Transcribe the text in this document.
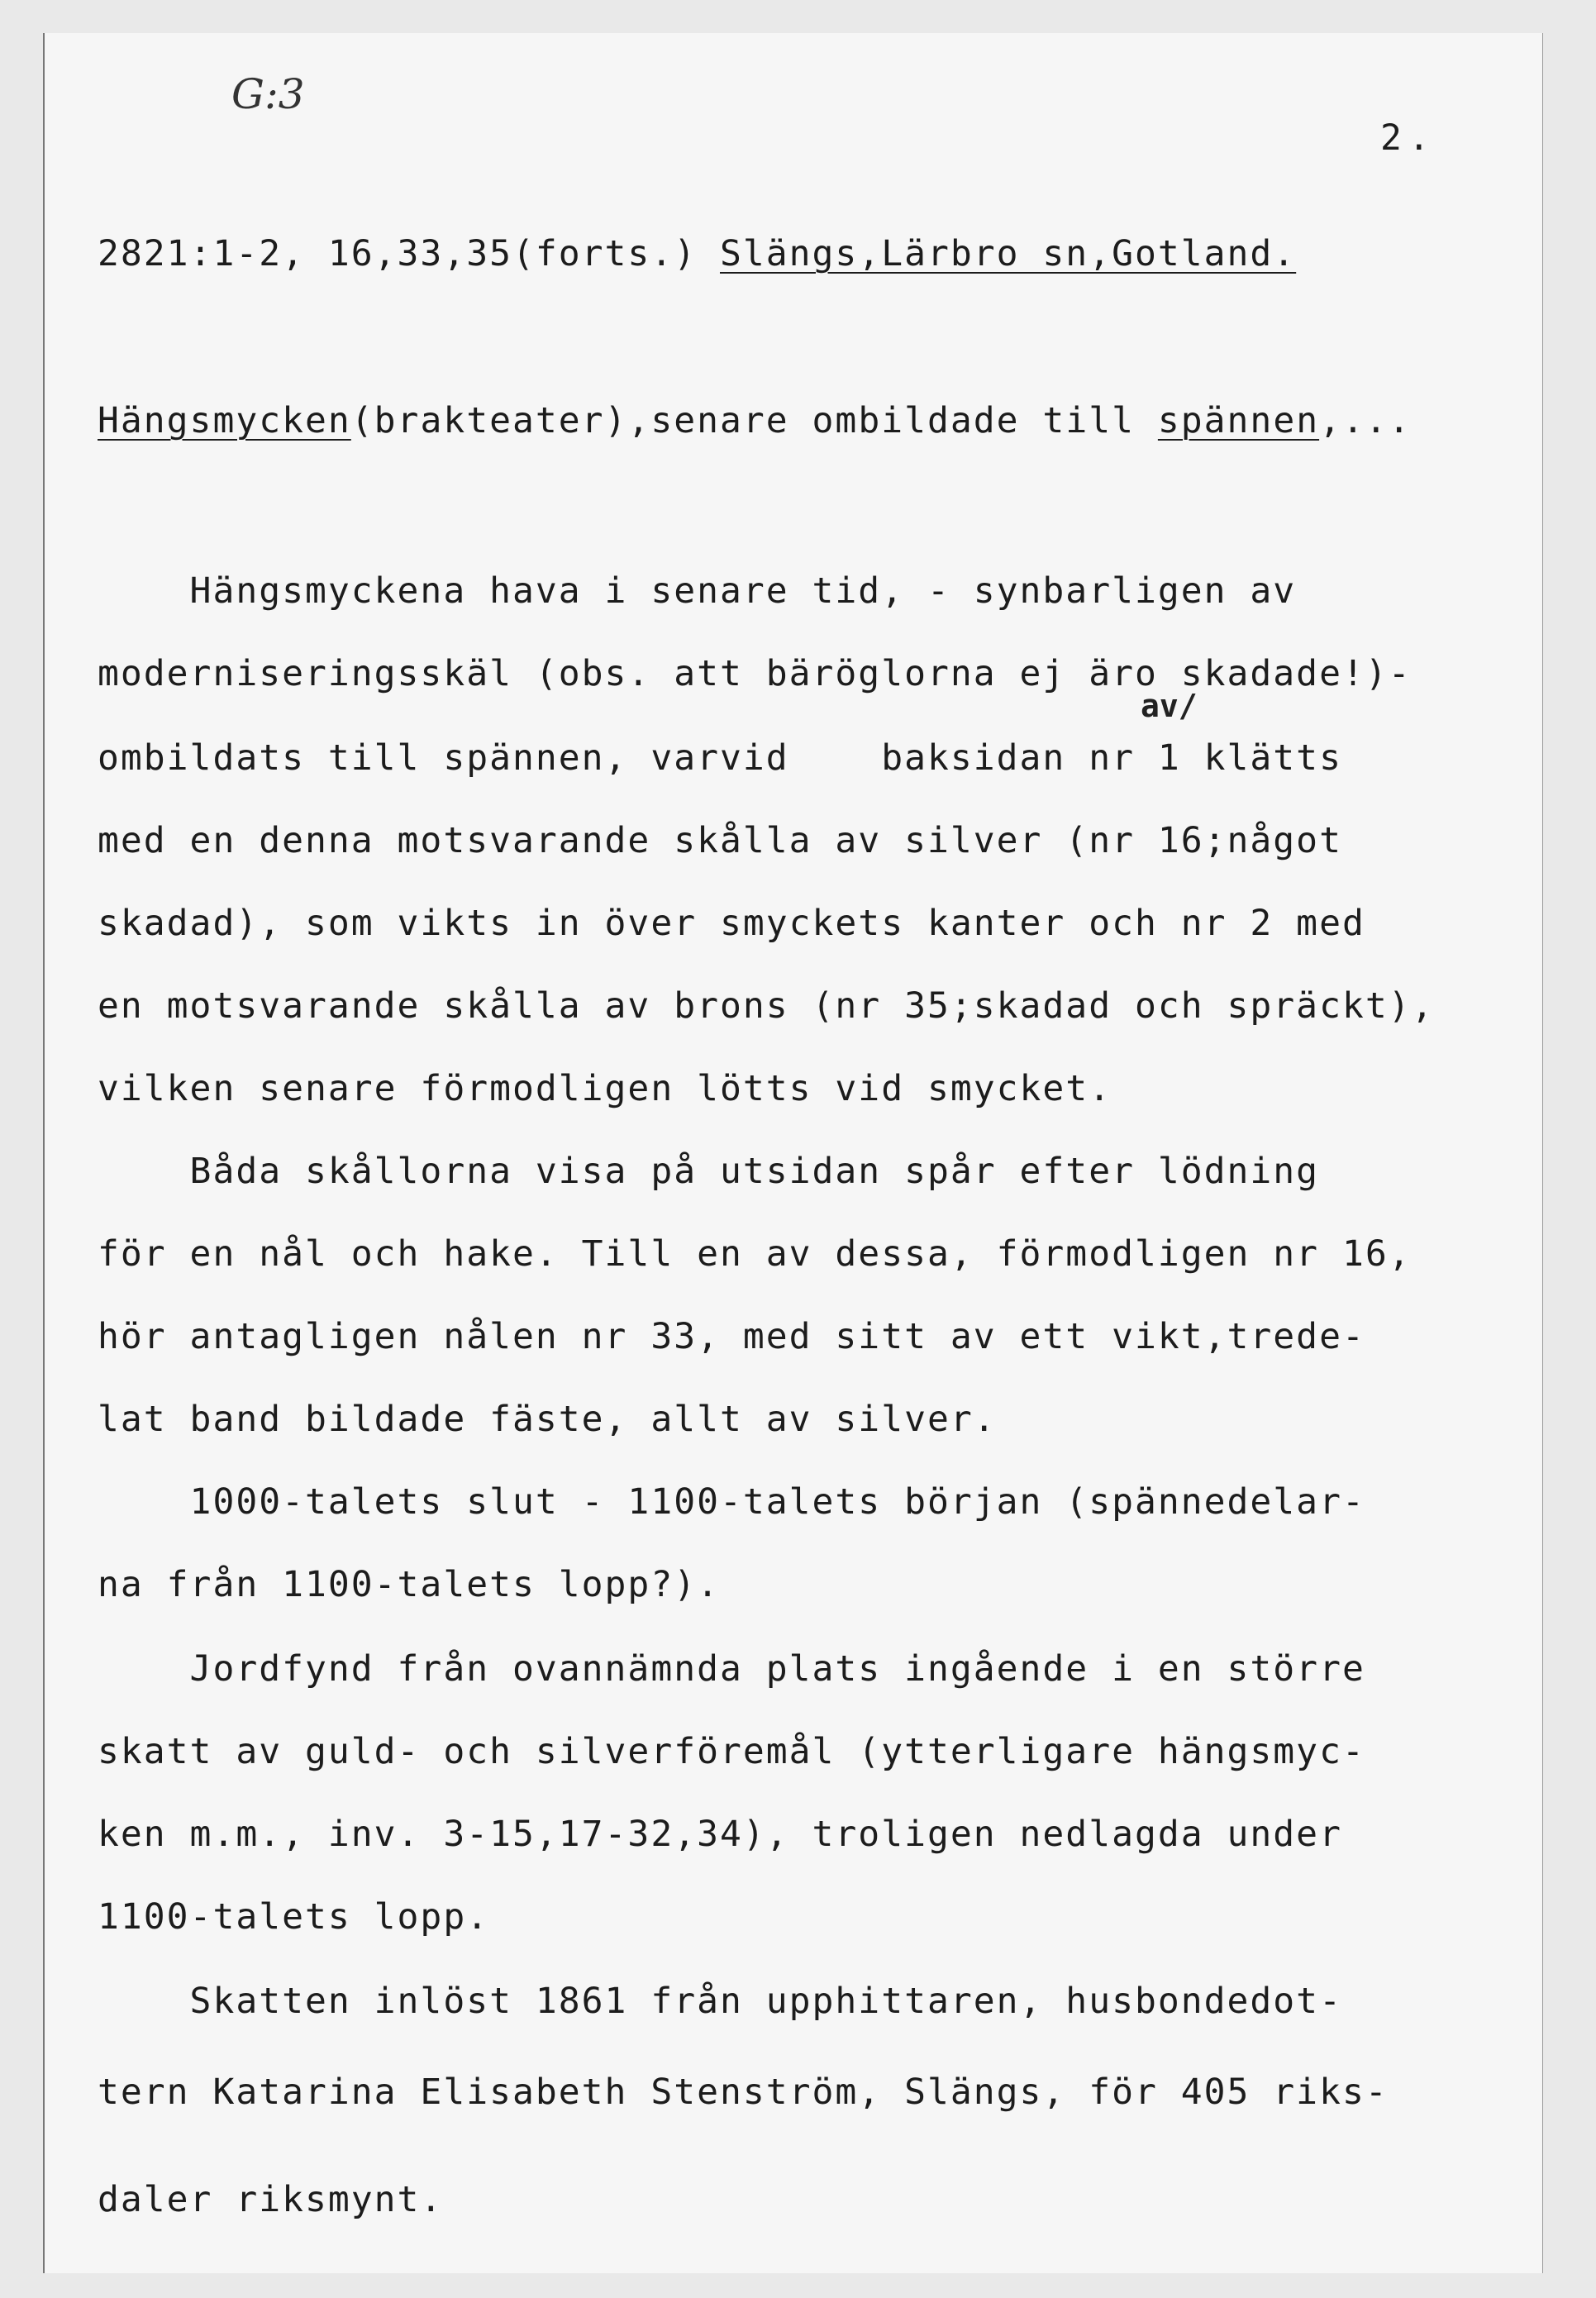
G:3
2.
2821:1-2, 16,33,35(forts.) Slängs,Lärbro sn,Gotland.
Hängsmycken(brakteater),senare ombildade till spännen,...
av/
Hängsmyckena hava i senare tid, - synbarligen av
moderniseringsskäl (obs. att bäröglorna ej äro skadade!)-
ombildats till spännen, varvid    baksidan nr 1 klätts
med en denna motsvarande skålla av silver (nr 16;något
skadad), som vikts in över smyckets kanter och nr 2 med
en motsvarande skålla av brons (nr 35;skadad och spräckt),
vilken senare förmodligen lötts vid smycket.
Båda skållorna visa på utsidan spår efter lödning
för en nål och hake. Till en av dessa, förmodligen nr 16,
hör antagligen nålen nr 33, med sitt av ett vikt,trede-
lat band bildade fäste, allt av silver.
1000-talets slut - 1100-talets början (spännedelar-
na från 1100-talets lopp?).
Jordfynd från ovannämnda plats ingående i en större
skatt av guld- och silverföremål (ytterligare hängsmyc-
ken m.m., inv. 3-15,17-32,34), troligen nedlagda under
1100-talets lopp.
Skatten inlöst 1861 från upphittaren, husbondedot-
tern Katarina Elisabeth Stenström, Slängs, för 405 riks-
daler riksmynt.
